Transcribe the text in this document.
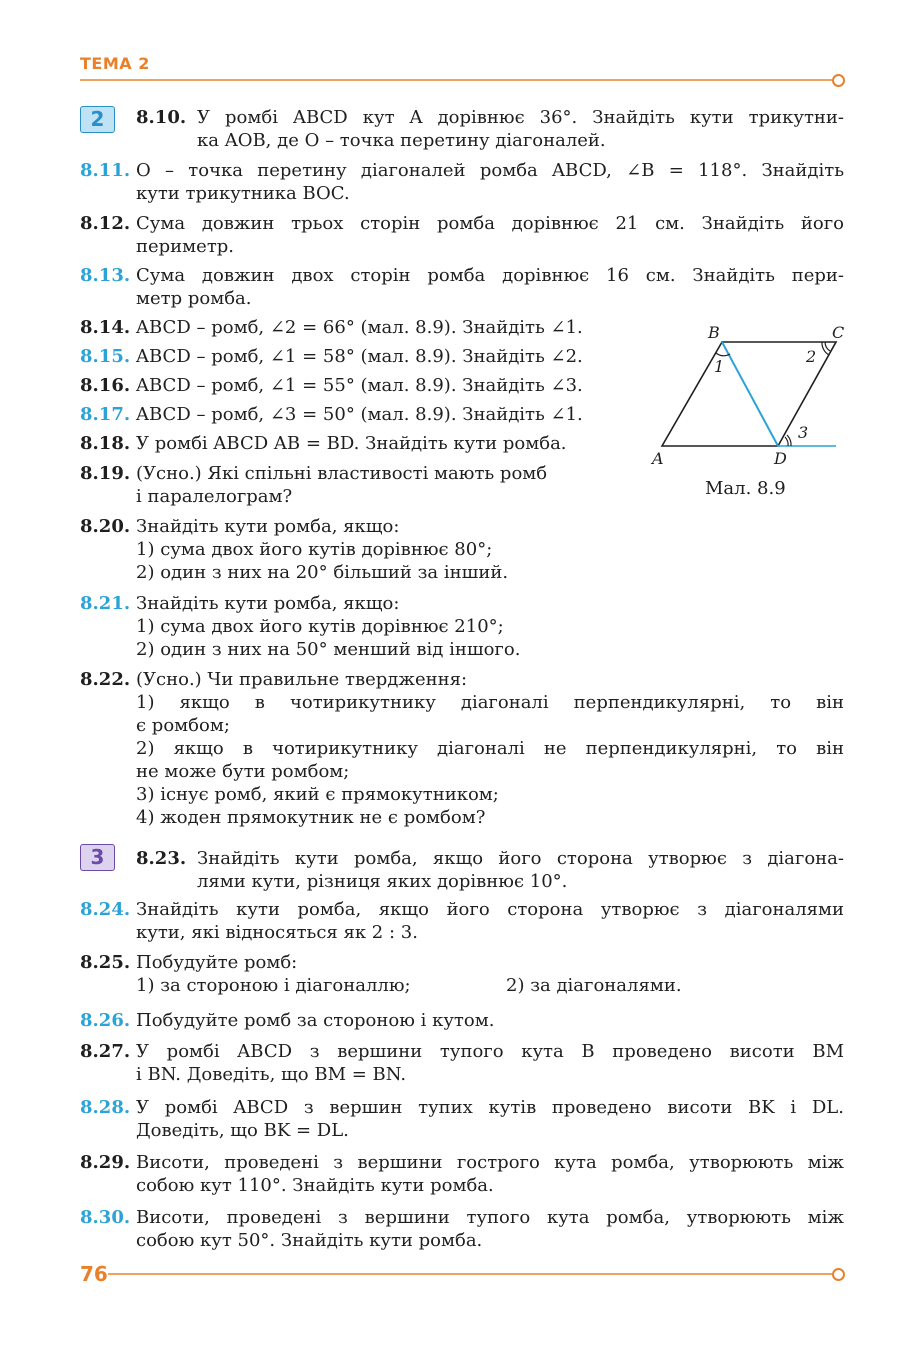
ТЕМА 2
2
3
8.10. У ромбі ABCD кут A дорівнює 36°. Знайдіть кути трикутни-
ка AOB, де O – точка перетину діагоналей.
8.11. O – точка перетину діагоналей ромба ABCD, ∠B = 118°. Знайдіть
кути трикутника BOC.
8.12. Сума довжин трьох сторін ромба дорівнює 21 см. Знайдіть його
периметр.
8.13. Сума довжин двох сторін ромба дорівнює 16 см. Знайдіть пери-
метр ромба.
8.14. ABCD – ромб, ∠2 = 66° (мал. 8.9). Знайдіть ∠1.
8.15. ABCD – ромб, ∠1 = 58° (мал. 8.9). Знайдіть ∠2.
8.16. ABCD – ромб, ∠1 = 55° (мал. 8.9). Знайдіть ∠3.
8.17. ABCD – ромб, ∠3 = 50° (мал. 8.9). Знайдіть ∠1.
8.18. У ромбі ABCD AB = BD. Знайдіть кути ромба.
8.19. (Усно.) Які спільні властивості мають ромб
і паралелограм?
A
B	C
D
1
2
3
Мал. 8.9
8.20. Знайдіть кути ромба, якщо:
1) сума двох його кутів дорівнює 80°;
2) один з них на 20° більший за інший.
8.21. Знайдіть кути ромба, якщо:
1) сума двох його кутів дорівнює 210°;
2) один з них на 50° менший від іншого.
8.22. (Усно.) Чи правильне твердження:
1) якщо в чотирикутнику діагоналі перпендикулярні, то він
є ромбом;
2) якщо в чотирикутнику діагоналі не перпендикулярні, то він
не може бути ромбом;
3) існує ромб, який є прямокутником;
4) жоден прямокутник не є ромбом?
8.23. Знайдіть кути ромба, якщо його сторона утворює з діагона-
лями кути, різниця яких дорівнює 10°.
8.24. Знайдіть кути ромба, якщо його сторона утворює з діагоналями
кути, які відносяться як 2 : 3.
8.25. Побудуйте ромб:
1) за стороною і діагоналлю;	2) за діагоналями.
8.26. Побудуйте ромб за стороною і кутом.
8.27. У ромбі ABCD з вершини тупого кута B проведено висоти BM
і BN. Доведіть, що BM = BN.
8.28. У ромбі ABCD з вершин тупих кутів проведено висоти BK і DL.
Доведіть, що BK = DL.
8.29. Висоти, проведені з вершини гострого кута ромба, утворюють між
собою кут 110°. Знайдіть кути ромба.
8.30. Висоти, проведені з вершини тупого кута ромба, утворюють між
собою кут 50°. Знайдіть кути ромба.
76
